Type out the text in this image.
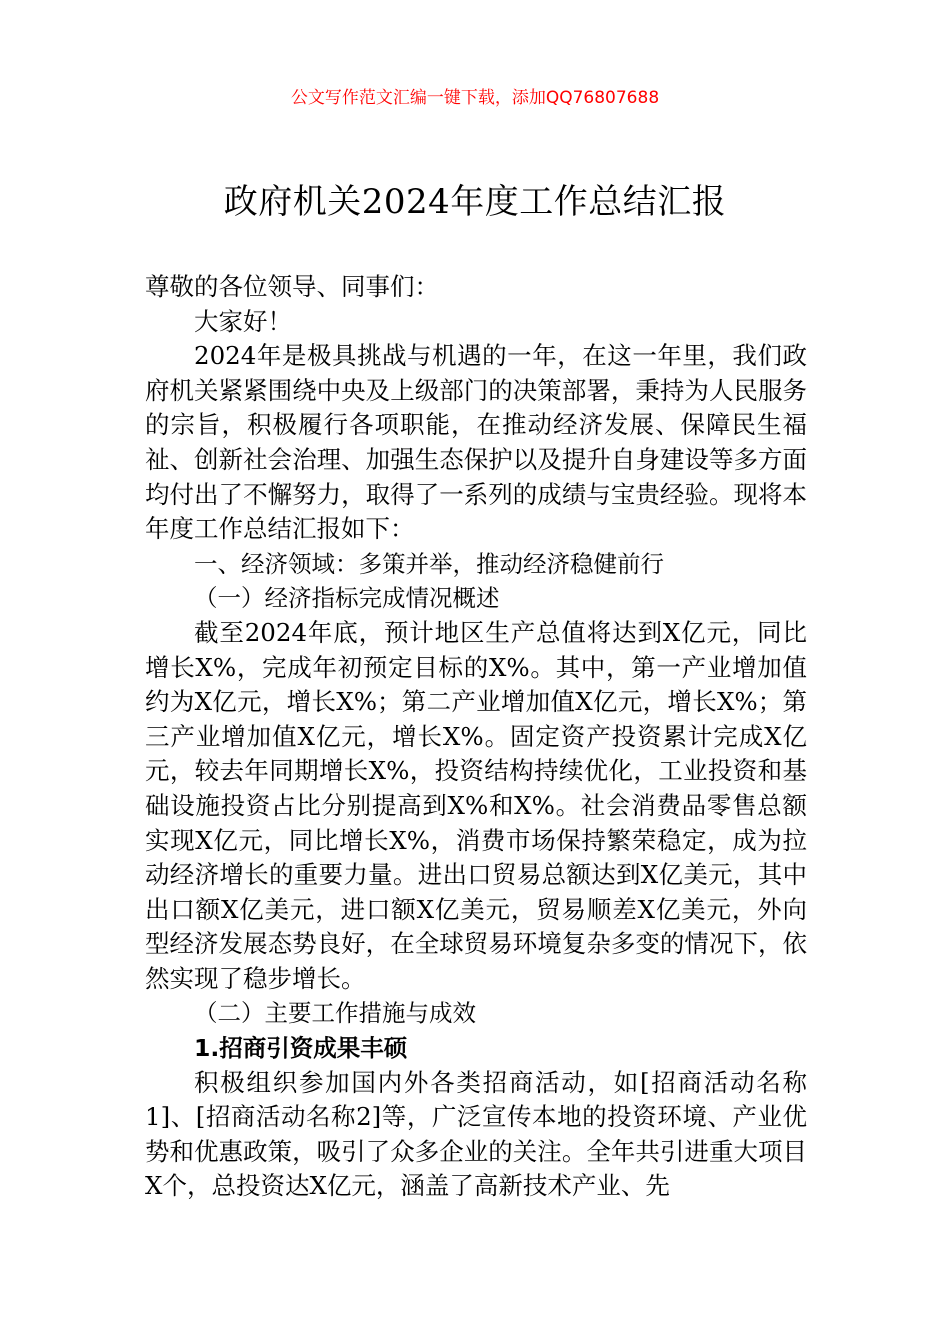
公文写作范文汇编一键下载，添加QQ76807688
政府机关2024年度工作总结汇报

尊敬的各位领导、同事们：

大家好！

2024年是极具挑战与机遇的一年，在这一年里，我们政府机关紧紧围绕中央及上级部门的决策部署，秉持为人民服务的宗旨，积极履行各项职能，在推动经济发展、保障民生福祉、创新社会治理、加强生态保护以及提升自身建设等多方面均付出了不懈努力，取得了一系列的成绩与宝贵经验。现将本年度工作总结汇报如下：

一、经济领域：多策并举，推动经济稳健前行

（一）经济指标完成情况概述

截至2024年底，预计地区生产总值将达到X亿元，同比增长X%，完成年初预定目标的X%。其中，第一产业增加值约为X亿元，增长X%；第二产业增加值X亿元，增长X%；第三产业增加值X亿元，增长X%。固定资产投资累计完成X亿元，较去年同期增长X%，投资结构持续优化，工业投资和基础设施投资占比分别提高到X%和X%。社会消费品零售总额实现X亿元，同比增长X%，消费市场保持繁荣稳定，成为拉动经济增长的重要力量。进出口贸易总额达到X亿美元，其中出口额X亿美元，进口额X亿美元，贸易顺差X亿美元，外向型经济发展态势良好，在全球贸易环境复杂多变的情况下，依然实现了稳步增长。

（二）主要工作措施与成效

1.招商引资成果丰硕

积极组织参加国内外各类招商活动，如[招商活动名称1]、[招商活动名称2]等，广泛宣传本地的投资环境、产业优势和优惠政策，吸引了众多企业的关注。全年共引进重大项目X个，总投资达X亿元，涵盖了高新技术产业、先
